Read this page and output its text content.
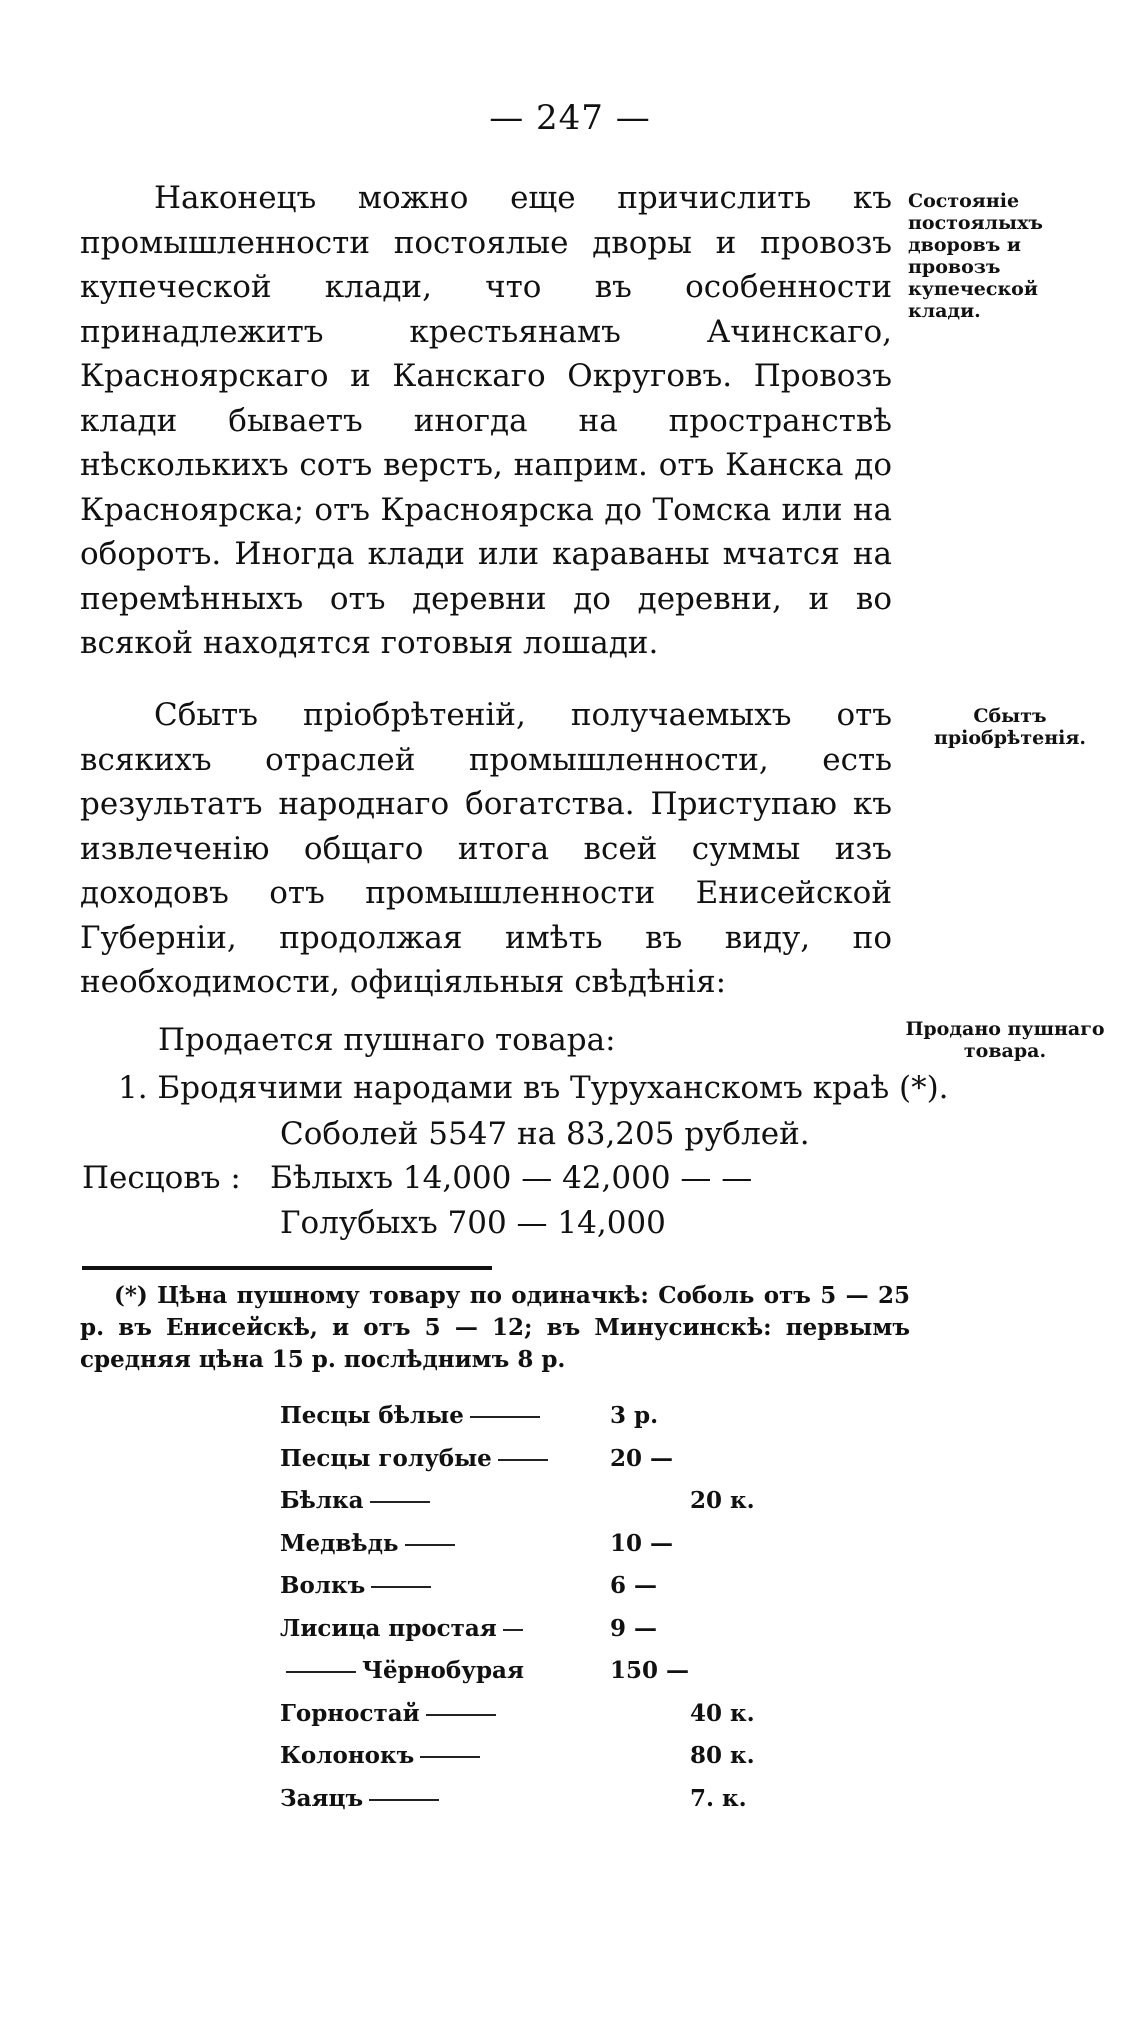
— 247 —

Наконецъ можно еще причислить къ промышленности постоялые дворы и провозъ купеческой клади, что въ особенности принадлежитъ крестьянамъ Ачинскаго, Красноярскаго и Канскаго Округовъ. Провозъ клади бываетъ иногда на пространствѣ нѣсколькихъ сотъ верстъ, наприм. отъ Канска до Красноярска; отъ Красноярска до Томска или на оборотъ. Иногда клади или караваны мчатся на перемѣнныхъ отъ деревни до деревни, и во всякой находятся готовыя лошади.

Состояніе постоялыхъ дворовъ и провозъ купеческой клади.

Сбытъ пріобрѣтеній, получаемыхъ отъ всякихъ отраслей промышленности, есть результатъ народнаго богатства. Приступаю къ извлеченію общаго итога всей суммы изъ доходовъ отъ промышленности Енисейской Губерніи, продолжая имѣть въ виду, по необходимости, офиціяльныя свѣдѣнія:

Сбытъ пріобрѣтенія.
Продается пушнаго товара:	Продано пушнаго товара.
1. Бродячими народами въ Туруханскомъ краѣ (*).
Соболей 5547 на 83,205 рублей.
Песцовъ : Бѣлыхъ 14,000 — 42,000 — —
Голубыхъ 700 — 14,000

(*) Цѣна пушному товару по одиначкѣ: Соболь отъ 5 — 25 р. въ Енисейскѣ, и отъ 5 — 12; въ Минусинскѣ: первымъ средняя цѣна 15 р. послѣднимъ 8 р.

Песцы бѣлые	3 р.
Песцы голубые	20 —
Бѣлка	20 к.
Медвѣдь	10 —
Волкъ	6 —
Лисица простая	9 —
Чёрнобурая	150 —
Горностай	40 к.
Колонокъ	80 к.
Заяцъ	7. к.
